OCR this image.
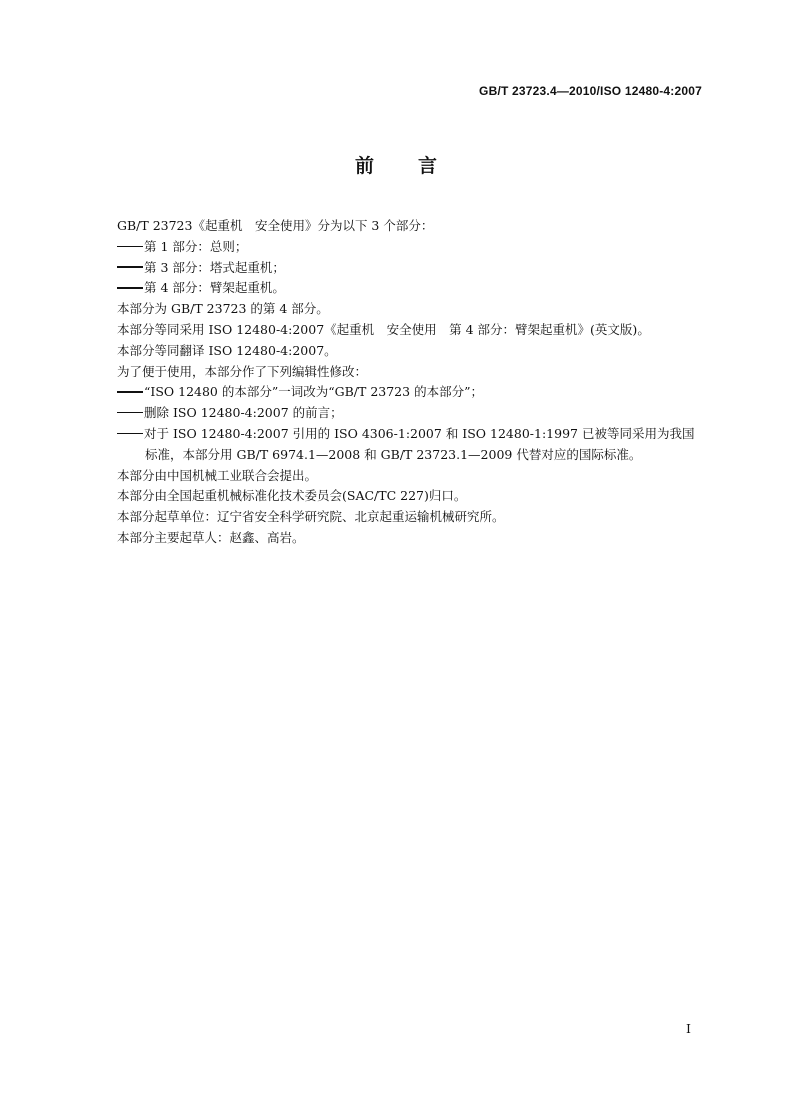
GB/T 23723.4—2010/ISO 12480-4:2007
前 言
GB/T 23723《起重机　安全使用》分为以下 3 个部分：
第 1 部分：总则；
第 3 部分：塔式起重机；
第 4 部分：臂架起重机。
本部分为 GB/T 23723 的第 4 部分。
本部分等同采用 ISO 12480-4:2007《起重机　安全使用　第 4 部分：臂架起重机》(英文版)。
本部分等同翻译 ISO 12480-4:2007。
为了便于使用，本部分作了下列编辑性修改：
“ISO 12480 的本部分”一词改为“GB/T 23723 的本部分”；
删除 ISO 12480-4:2007 的前言；
对于 ISO 12480-4:2007 引用的 ISO 4306-1:2007 和 ISO 12480-1:1997 已被等同采用为我国
标准，本部分用 GB/T 6974.1—2008 和 GB/T 23723.1—2009 代替对应的国际标准。
本部分由中国机械工业联合会提出。
本部分由全国起重机械标准化技术委员会(SAC/TC 227)归口。
本部分起草单位：辽宁省安全科学研究院、北京起重运输机械研究所。
本部分主要起草人：赵鑫、高岩。
I
